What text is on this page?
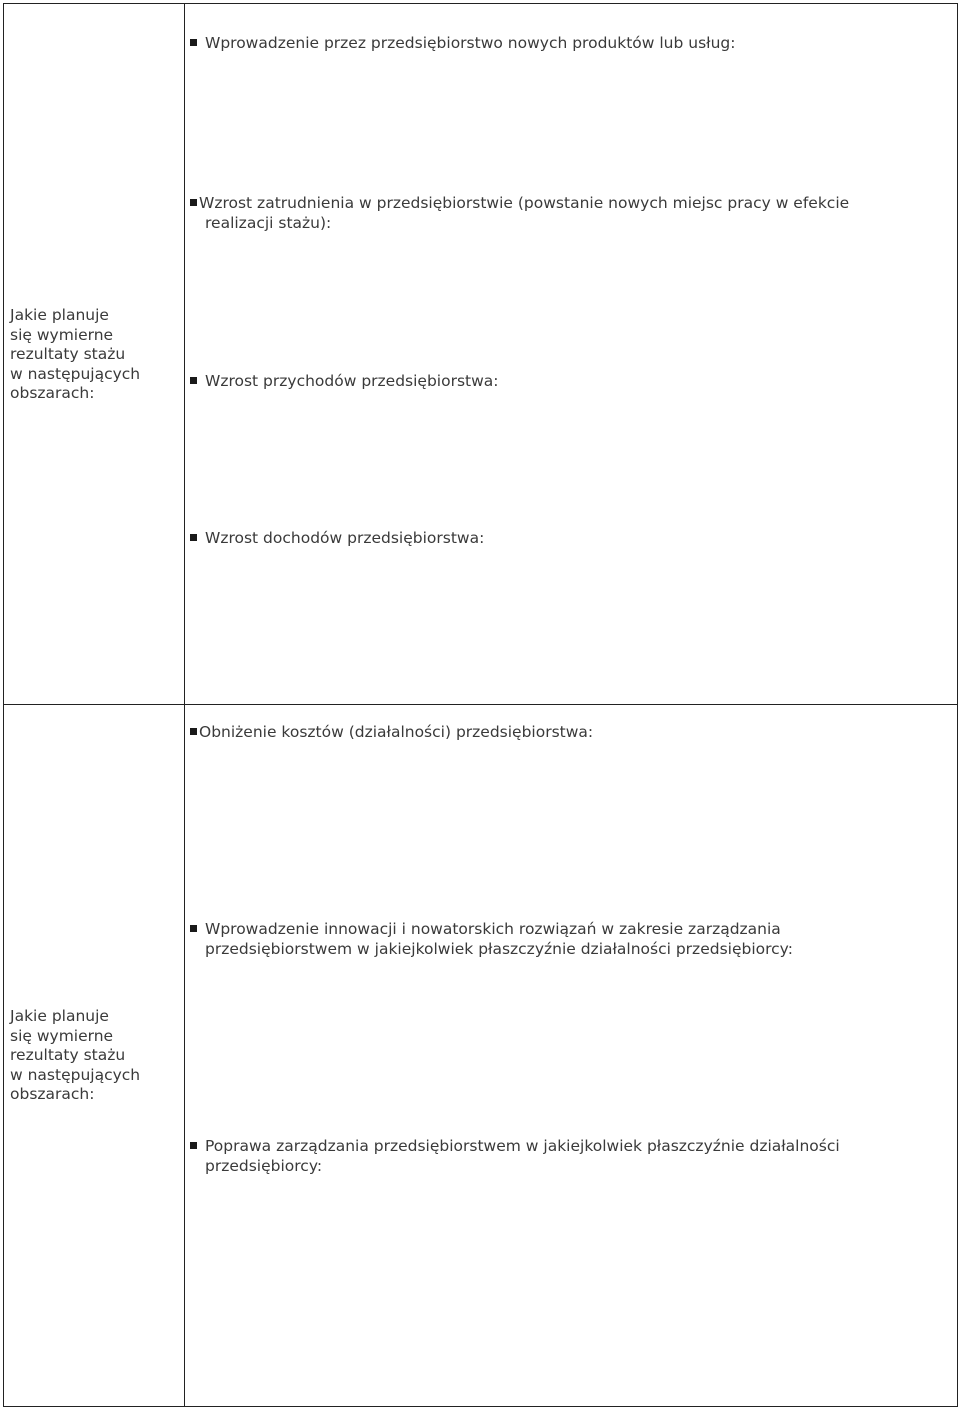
Jakie planuje
się wymierne
rezultaty stażu
w następujących
obszarach:

Wprowadzenie przez przedsiębiorstwo nowych produktów lub usług:

Wzrost zatrudnienia w przedsiębiorstwie (powstanie nowych miejsc pracy w efekcie
realizacji stażu):

Wzrost przychodów przedsiębiorstwa:

Wzrost dochodów przedsiębiorstwa:

Jakie planuje
się wymierne
rezultaty stażu
w następujących
obszarach:

Obniżenie kosztów (działalności) przedsiębiorstwa:

Wprowadzenie innowacji i nowatorskich rozwiązań w zakresie zarządzania
przedsiębiorstwem w jakiejkolwiek płaszczyźnie działalności przedsiębiorcy:

Poprawa zarządzania przedsiębiorstwem w jakiejkolwiek płaszczyźnie działalności
przedsiębiorcy:
